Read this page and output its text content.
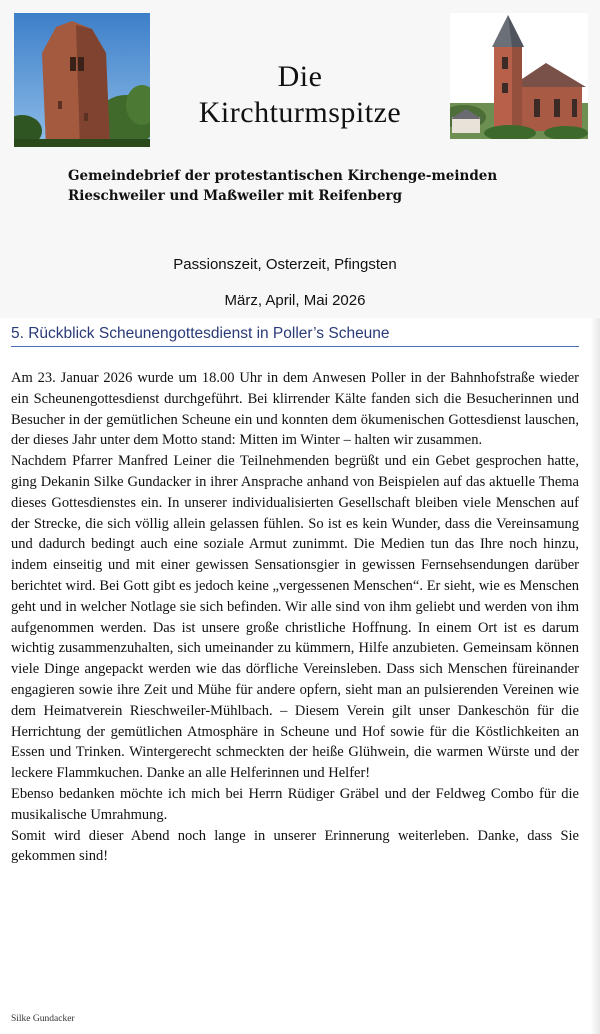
Die
Kirchturmspitze

Gemeindebrief der protestantischen Kirchenge-meinden Rieschweiler und Maßweiler mit Reifenberg

Passionszeit, Osterzeit, Pfingsten
März, April, Mai 2026
5. Rückblick Scheunengottesdienst in Poller’s Scheune

Am 23. Januar 2026 wurde um 18.00 Uhr in dem Anwesen Poller in der Bahnhofstraße wieder ein Scheunengottesdienst durchgeführt. Bei klirrender Kälte fanden sich die Besucherinnen und Besucher in der gemütlichen Scheune ein und konnten dem ökumenischen Gottesdienst lauschen, der dieses Jahr unter dem Motto stand: Mitten im Winter – halten wir zusammen.

Nachdem Pfarrer Manfred Leiner die Teilnehmenden begrüßt und ein Gebet gesprochen hatte, ging Dekanin Silke Gundacker in ihrer Ansprache anhand von Beispielen auf das aktuelle Thema dieses Gottesdienstes ein. In unserer individualisierten Gesellschaft bleiben viele Menschen auf der Strecke, die sich völlig allein gelassen fühlen. So ist es kein Wunder, dass die Vereinsamung und dadurch bedingt auch eine soziale Armut zunimmt. Die Medien tun das Ihre noch hinzu, indem einseitig und mit einer gewissen Sensationsgier in gewissen Fernsehsendungen darüber berichtet wird. Bei Gott gibt es jedoch keine „vergessenen Menschen“. Er sieht, wie es Menschen geht und in welcher Notlage sie sich befinden. Wir alle sind von ihm geliebt und werden von ihm aufgenommen werden. Das ist unsere große christliche Hoffnung. In einem Ort ist es darum wichtig zusammenzuhalten, sich umeinander zu kümmern, Hilfe anzubieten. Gemeinsam können viele Dinge angepackt werden wie das dörfliche Vereinsleben. Dass sich Menschen füreinander engagieren sowie ihre Zeit und Mühe für andere opfern, sieht man an pulsierenden Vereinen wie dem Heimatverein Rieschweiler-Mühlbach. – Diesem Verein gilt unser Dankeschön für die Herrichtung der gemütlichen Atmosphäre in Scheune und Hof sowie für die Köstlichkeiten an Essen und Trinken. Wintergerecht schmeckten der heiße Glühwein, die warmen Würste und der leckere Flammkuchen. Danke an alle Helferinnen und Helfer!

Ebenso bedanken möchte ich mich bei Herrn Rüdiger Gräbel und der Feldweg Combo für die musikalische Umrahmung.

Somit wird dieser Abend noch lange in unserer Erinnerung weiterleben. Danke, dass Sie gekommen sind!

Silke Gundacker
